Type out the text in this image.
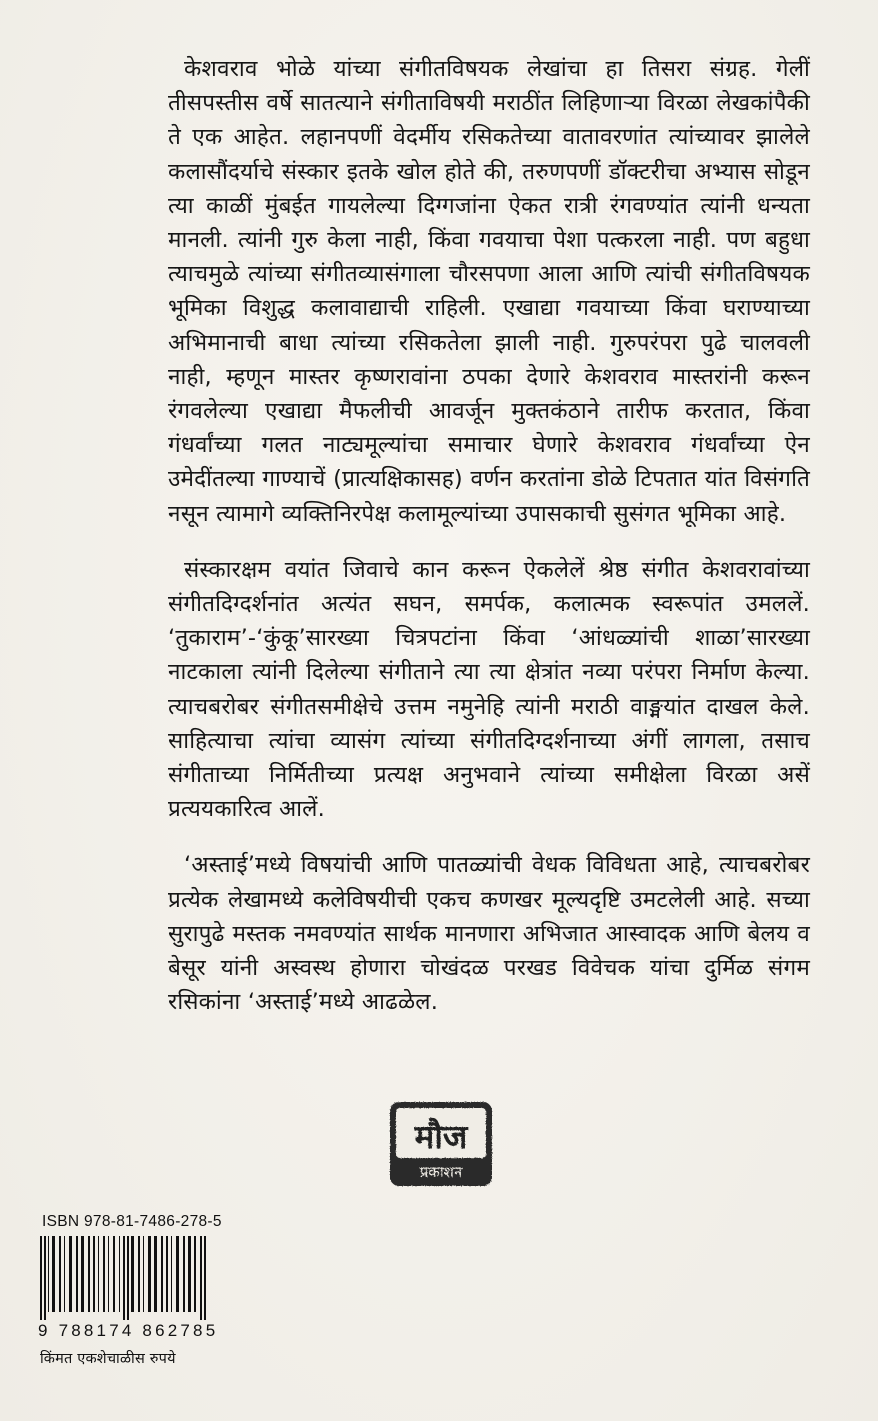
केशवराव भोळे यांच्या संगीतविषयक लेखांचा हा तिसरा संग्रह. गेलीं तीसपस्तीस वर्षे सातत्याने संगीताविषयी मराठींत लिहिणाऱ्या विरळा लेखकांपैकी ते एक आहेत. लहानपणीं वेदर्मीय रसिकतेच्या वातावरणांत त्यांच्यावर झालेले कलासौंदर्याचे संस्कार इतके खोल होते की, तरुणपणीं डॉक्टरीचा अभ्यास सोडून त्या काळीं मुंबईत गायलेल्या दिग्गजांना ऐकत रात्री रंगवण्यांत त्यांनी धन्यता मानली. त्यांनी गुरु केला नाही, किंवा गवयाचा पेशा पत्करला नाही. पण बहुधा त्याचमुळे त्यांच्या संगीतव्यासंगाला चौरसपणा आला आणि त्यांची संगीतविषयक भूमिका विशुद्ध कलावाद्याची राहिली. एखाद्या गवयाच्या किंवा घराण्याच्या अभिमानाची बाधा त्यांच्या रसिकतेला झाली नाही. गुरुपरंपरा पुढे चालवली नाही, म्हणून मास्तर कृष्णरावांना ठपका देणारे केशवराव मास्तरांनी करून रंगवलेल्या एखाद्या मैफलीची आवर्जून मुक्तकंठाने तारीफ करतात, किंवा गंधर्वांच्या गलत नाट्यमूल्यांचा समाचार घेणारे केशवराव गंधर्वांच्या ऐन उमेदींतल्या गाण्याचें (प्रात्यक्षिकासह) वर्णन करतांना डोळे टिपतात यांत विसंगति नसून त्यामागे व्यक्तिनिरपेक्ष कलामूल्यांच्या उपासकाची सुसंगत भूमिका आहे.

संस्कारक्षम वयांत जिवाचे कान करून ऐकलेलें श्रेष्ठ संगीत केशवरावांच्या संगीतदिग्दर्शनांत अत्यंत सघन, समर्पक, कलात्मक स्वरूपांत उमललें. ‘तुकाराम’-‘कुंकू’सारख्या चित्रपटांना किंवा ‘आंधळ्यांची शाळा’सारख्या नाटकाला त्यांनी दिलेल्या संगीताने त्या त्या क्षेत्रांत नव्या परंपरा निर्माण केल्या. त्याचबरोबर संगीतसमीक्षेचे उत्तम नमुनेहि त्यांनी मराठी वाङ्मयांत दाखल केले. साहित्याचा त्यांचा व्यासंग त्यांच्या संगीतदिग्दर्शनाच्या अंगीं लागला, तसाच संगीताच्या निर्मितीच्या प्रत्यक्ष अनुभवाने त्यांच्या समीक्षेला विरळा असें प्रत्ययकारित्व आलें.

‘अस्ताई’मध्ये विषयांची आणि पातळ्यांची वेधक विविधता आहे, त्याचबरोबर प्रत्येक लेखामध्ये कलेविषयीची एकच कणखर मूल्यदृष्टि उमटलेली आहे. सच्या सुरापुढे मस्तक नमवण्यांत सार्थक मानणारा अभिजात आस्वादक आणि बेलय व बेसूर यांनी अस्वस्थ होणारा चोखंदळ परखड विवेचक यांचा दुर्मिळ संगम रसिकांना ‘अस्ताई’मध्ये आढळेल.

मौज
प्रकाशन
ISBN 978-81-7486-278-5
9 788174 862785
किंमत एकशेचाळीस रुपये
